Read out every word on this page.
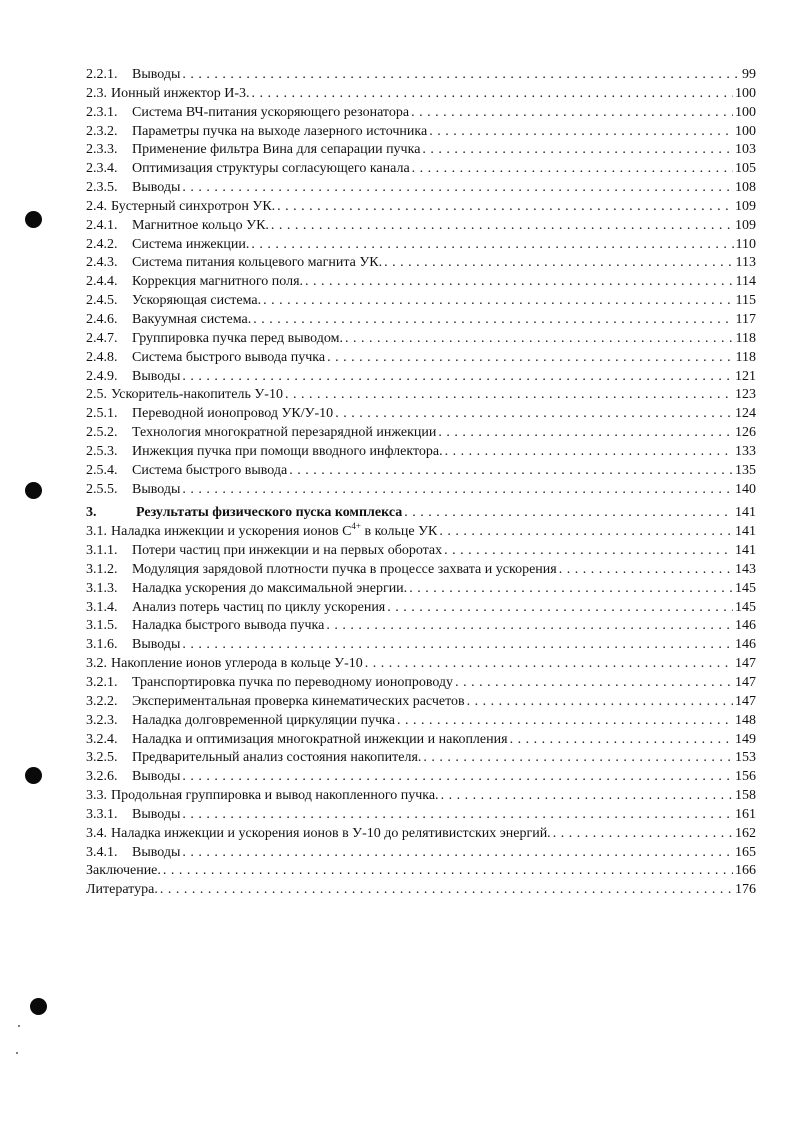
2.2.1.	Выводы . . .	99
2.3. Ионный инжектор И-3. . . .	100
2.3.1.	Система ВЧ-питания ускоряющего резонатора . . .	100
2.3.2.	Параметры пучка на выходе лазерного источника . . .	100
2.3.3.	Применение фильтра Вина для сепарации пучка . . .	103
2.3.4.	Оптимизация структуры согласующего канала . . .	105
2.3.5.	Выводы . . .	108
2.4. Бустерный синхротрон УК. . . .	109
2.4.1.	Магнитное кольцо УК. . . .	109
2.4.2.	Система инжекции. . . .	110
2.4.3.	Система питания кольцевого магнита УК. . . .	113
2.4.4.	Коррекция магнитного поля. . . .	114
2.4.5.	Ускоряющая система. . . .	115
2.4.6.	Вакуумная система. . . .	117
2.4.7.	Группировка пучка перед выводом. . . .	118
2.4.8.	Система быстрого вывода пучка . . .	118
2.4.9.	Выводы . . .	121
2.5. Ускоритель-накопитель У-10 . . .	123
2.5.1.	Переводной ионопровод УК/У-10 . . .	124
2.5.2.	Технология многократной перезарядной инжекции . . .	126
2.5.3.	Инжекция пучка при помощи вводного инфлектора. . . .	133
2.5.4.	Система быстрого вывода . . .	135
2.5.5.	Выводы . . .	140
3.	Результаты физического пуска комплекса . . .	141
3.1. Наладка инжекции и ускорения ионов $С^{4+}$ в кольце УК . . .	141
3.1.1.	Потери частиц при инжекции и на первых оборотах . . .	141
3.1.2.	Модуляция зарядовой плотности пучка в процессе захвата и ускорения . . .	143
3.1.3.	Наладка ускорения до максимальной энергии. . . .	145
3.1.4.	Анализ потерь частиц по циклу ускорения . . .	145
3.1.5.	Наладка быстрого вывода пучка . . .	146
3.1.6.	Выводы . . .	146
3.2. Накопление ионов углерода в кольце У-10 . . .	147
3.2.1.	Транспортировка пучка по переводному ионопроводу . . .	147
3.2.2.	Экспериментальная проверка кинематических расчетов . . .	147
3.2.3.	Наладка долговременной циркуляции пучка . . .	148
3.2.4.	Наладка и оптимизация многократной инжекции и накопления . . .	149
3.2.5.	Предварительный анализ состояния накопителя. . . .	153
3.2.6.	Выводы . . .	156
3.3. Продольная группировка и вывод накопленного пучка. . . .	158
3.3.1.	Выводы . . .	161
3.4. Наладка инжекции и ускорения ионов в У-10 до релятивистских энергий. . . .	162
3.4.1.	Выводы . . .	165
Заключение. . . .	166
Литература. . . .	176
